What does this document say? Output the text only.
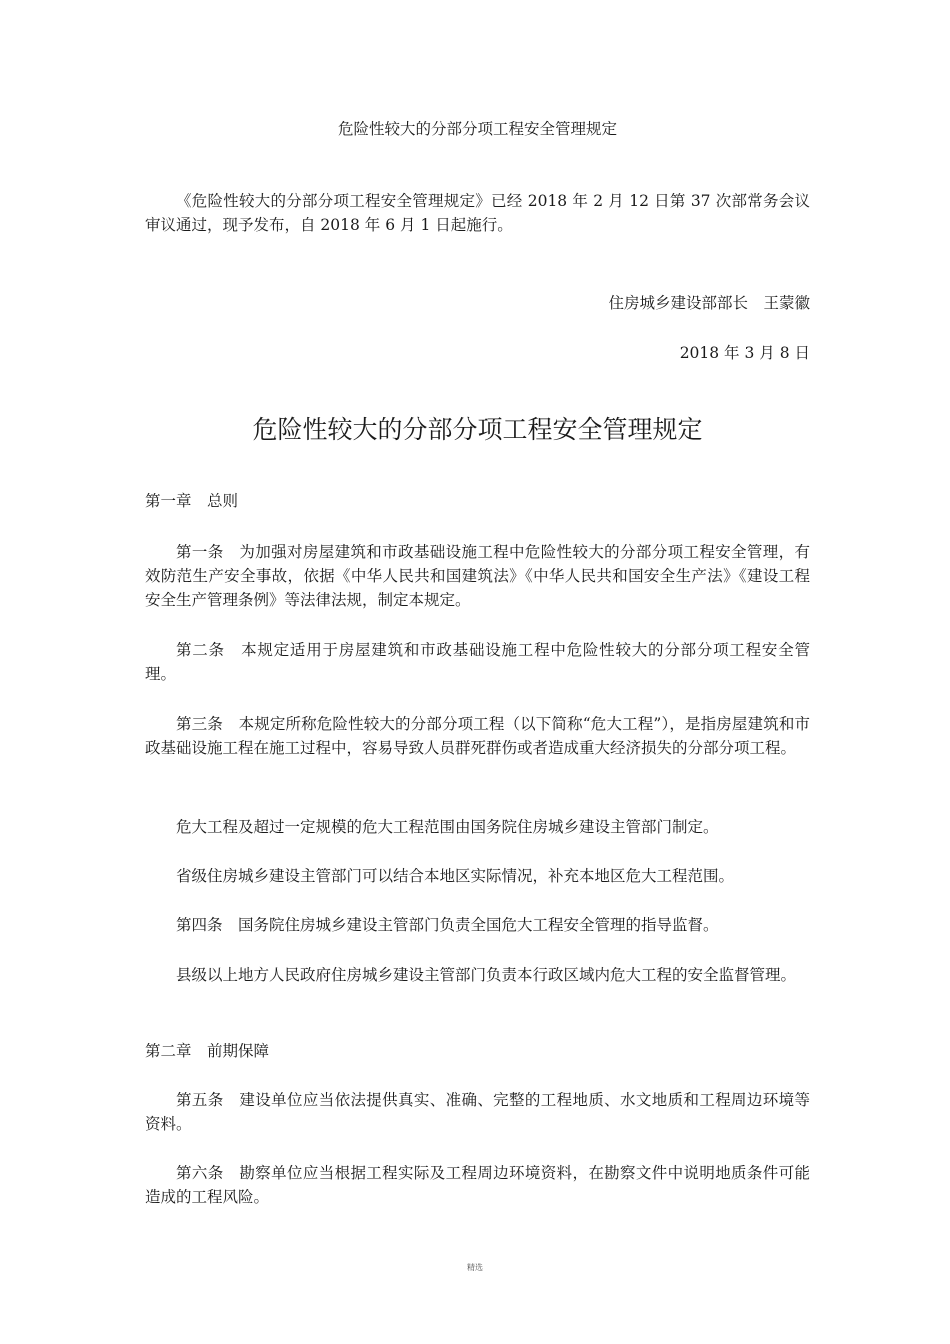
危险性较大的分部分项工程安全管理规定

《危险性较大的分部分项工程安全管理规定》已经 2018 年 2 月 12 日第 37 次部常务会议审议通过，现予发布，自 2018 年 6 月 1 日起施行。

住房城乡建设部部长　王蒙徽

2018 年 3 月 8 日

危险性较大的分部分项工程安全管理规定

第一章　总则

第一条　为加强对房屋建筑和市政基础设施工程中危险性较大的分部分项工程安全管理，有效防范生产安全事故，依据《中华人民共和国建筑法》《中华人民共和国安全生产法》《建设工程安全生产管理条例》等法律法规，制定本规定。

第二条　本规定适用于房屋建筑和市政基础设施工程中危险性较大的分部分项工程安全管理。

第三条　本规定所称危险性较大的分部分项工程（以下简称“危大工程”），是指房屋建筑和市政基础设施工程在施工过程中，容易导致人员群死群伤或者造成重大经济损失的分部分项工程。

危大工程及超过一定规模的危大工程范围由国务院住房城乡建设主管部门制定。

省级住房城乡建设主管部门可以结合本地区实际情况，补充本地区危大工程范围。

第四条　国务院住房城乡建设主管部门负责全国危大工程安全管理的指导监督。

县级以上地方人民政府住房城乡建设主管部门负责本行政区域内危大工程的安全监督管理。

第二章　前期保障

第五条　建设单位应当依法提供真实、准确、完整的工程地质、水文地质和工程周边环境等资料。

第六条　勘察单位应当根据工程实际及工程周边环境资料，在勘察文件中说明地质条件可能造成的工程风险。

精选
